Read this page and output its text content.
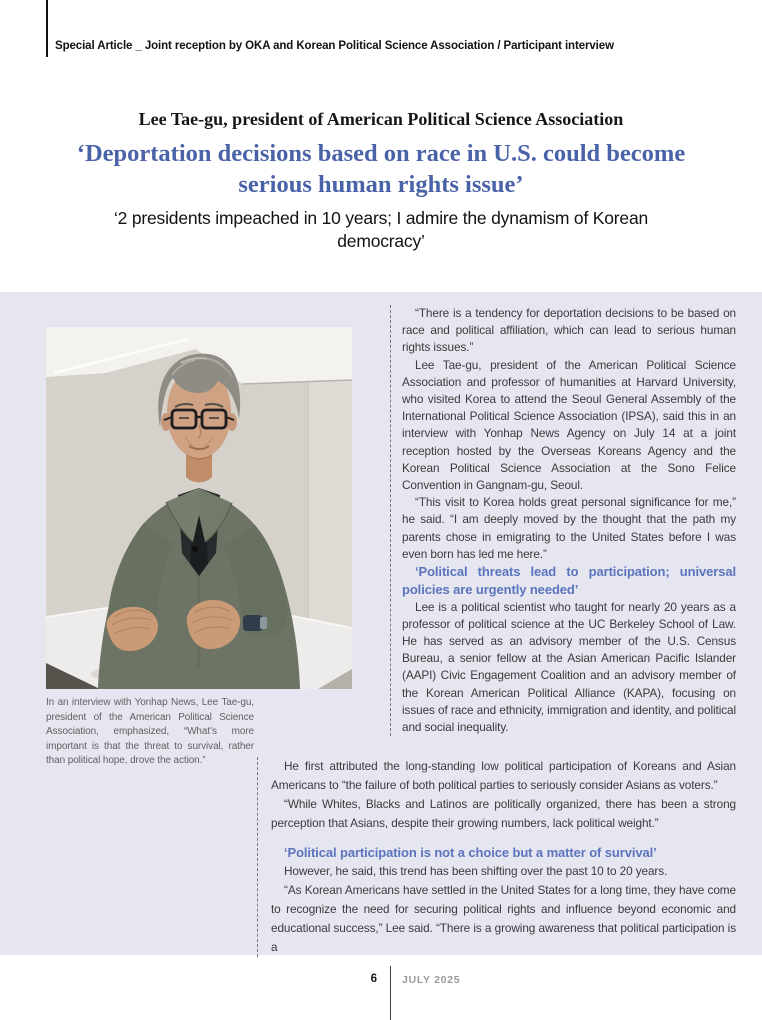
Special Article _ Joint reception by OKA and Korean Political Science Association / Participant interview
Lee Tae-gu, president of American Political Science Association
‘Deportation decisions based on race in U.S. could become serious human rights issue’
‘2 presidents impeached in 10 years; I admire the dynamism of Korean democracy’
In an interview with Yonhap News, Lee Tae-gu, president of the American Political Science Association, emphasized, “What’s more important is that the threat to survival, rather than political hope, drove the action.”

“There is a tendency for deportation decisions to be based on race and political affiliation, which can lead to serious human rights issues.”

Lee Tae-gu, president of the American Political Science Association and professor of humanities at Harvard University, who visited Korea to attend the Seoul General Assembly of the International Political Science Association (IPSA), said this in an interview with Yonhap News Agency on July 14 at a joint reception hosted by the Overseas Koreans Agency and the Korean Political Science Association at the Sono Felice Convention in Gangnam-gu, Seoul.

“This visit to Korea holds great personal significance for me,” he said. “I am deeply moved by the thought that the path my parents chose in emigrating to the United States before I was even born has led me here.”

‘Political threats lead to participation; universal policies are urgently needed’

Lee is a political scientist who taught for nearly 20 years as a professor of political science at the UC Berkeley School of Law. He has served as an advisory member of the U.S. Census Bureau, a senior fellow at the Asian American Pacific Islander (AAPI) Civic Engagement Coalition and an advisory member of the Korean American Political Alliance (KAPA), focusing on issues of race and ethnicity, immigration and identity, and political and social inequality.

He first attributed the long-standing low political participation of Koreans and Asian Americans to “the failure of both political parties to seriously consider Asians as voters.”

“While Whites, Blacks and Latinos are politically organized, there has been a strong perception that Asians, despite their growing numbers, lack political weight.”

‘Political participation is not a choice but a matter of survival’

However, he said, this trend has been shifting over the past 10 to 20 years.

“As Korean Americans have settled in the United States for a long time, they have come to recognize the need for securing political rights and influence beyond economic and educational success,” Lee said. “There is a growing awareness that political participation is a

6 JULY 2025
